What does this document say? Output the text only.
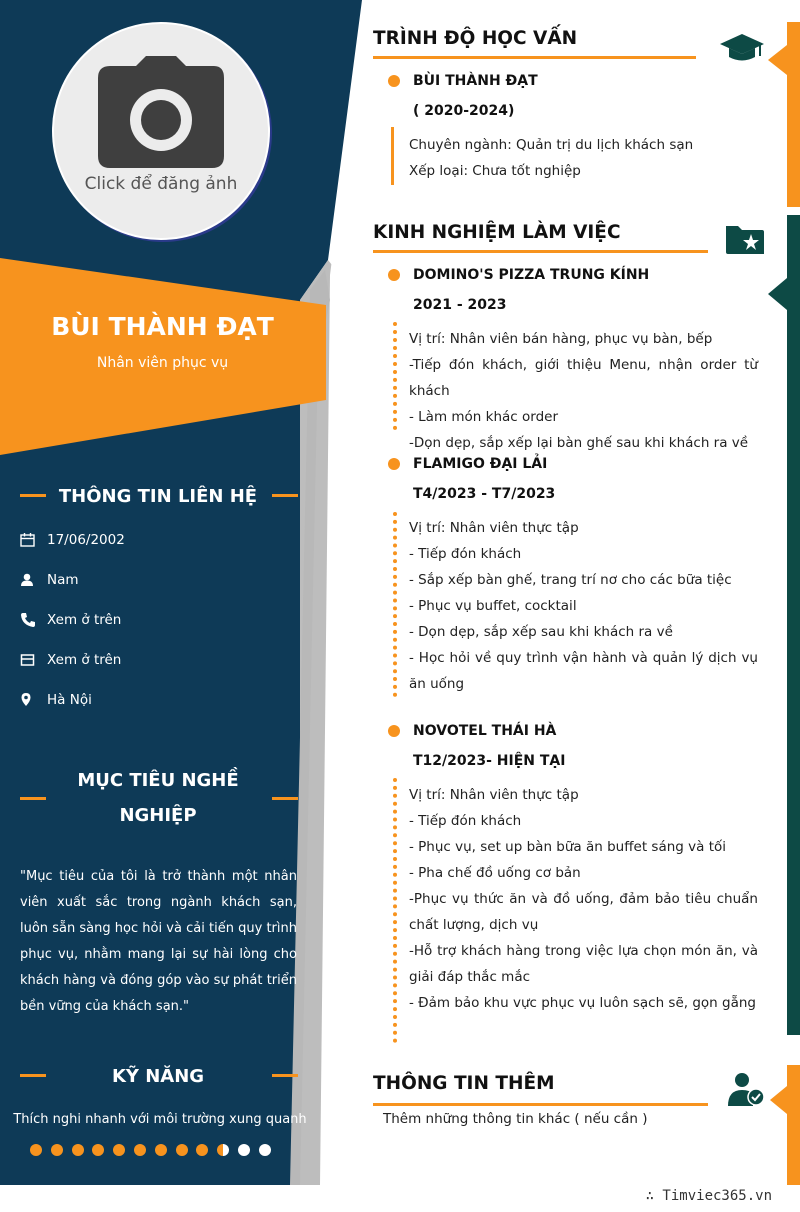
Click để đăng ảnh
BÙI THÀNH ĐẠT
Nhân viên phục vụ
THÔNG TIN LIÊN HỆ
17/06/2002
Nam
Xem ở trên
Xem ở trên
Hà Nội
MỤC TIÊU NGHỀ
NGHIỆP
"Mục tiêu của tôi là trở thành một nhân viên xuất sắc trong ngành khách sạn, luôn sẵn sàng học hỏi và cải tiến quy trình phục vụ, nhằm mang lại sự hài lòng cho khách hàng và đóng góp vào sự phát triển bền vững của khách sạn."
KỸ NĂNG
Thích nghi nhanh với môi trường xung quanh
TRÌNH ĐỘ HỌC VẤN
BÙI THÀNH ĐẠT
( 2020-2024)
Chuyên ngành: Quản trị du lịch khách sạn
Xếp loại: Chưa tốt nghiệp
KINH NGHIỆM LÀM VIỆC
DOMINO'S PIZZA TRUNG KÍNH
2021 - 2023
Vị trí: Nhân viên bán hàng, phục vụ bàn, bếp
-Tiếp đón khách, giới thiệu Menu, nhận order từ khách
- Làm món khác order
-Dọn dẹp, sắp xếp lại bàn ghế sau khi khách ra về
FLAMIGO ĐẠI LẢI
T4/2023 - T7/2023
Vị trí: Nhân viên thực tập
- Tiếp đón khách
- Sắp xếp bàn ghế, trang trí nơ cho các bữa tiệc
- Phục vụ buffet, cocktail
- Dọn dẹp, sắp xếp sau khi khách ra về
- Học hỏi về quy trình vận hành và quản lý dịch vụ ăn uống
NOVOTEL THÁI HÀ
T12/2023- HIỆN TẠI
Vị trí: Nhân viên thực tập
- Tiếp đón khách
- Phục vụ, set up bàn bữa ăn buffet sáng và tối
- Pha chế đồ uống cơ bản
-Phục vụ thức ăn và đồ uống, đảm bảo tiêu chuẩn chất lượng, dịch vụ
-Hỗ trợ khách hàng trong việc lựa chọn món ăn, và giải đáp thắc mắc
- Đảm bảo khu vực phục vụ luôn sạch sẽ, gọn gẵng
THÔNG TIN THÊM
Thêm những thông tin khác ( nếu cần )
∴ Timviec365.vn
